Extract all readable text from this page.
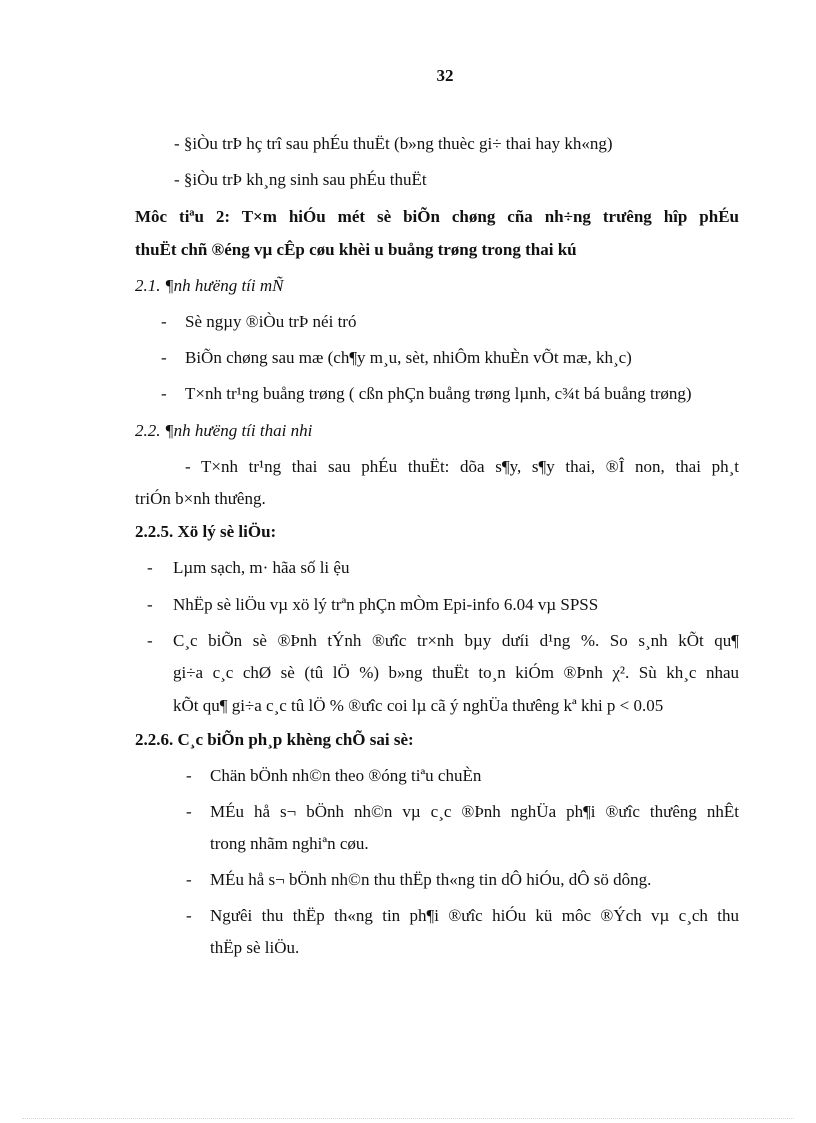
32
- §iÒu trÞ hç trî sau phÉu thuËt (b»ng thuèc gi÷ thai hay kh«ng)
- §iÒu trÞ kh¸ng sinh sau phÉu thuËt
Môc tiªu 2: T×m hiÓu mét sè biÕn chøng cña nh÷ng trưêng hîp phÉu
thuËt chñ ®éng vµ cÊp cøu khèi u buång trøng trong thai kú
2.1. ¶nh hưëng tíi mÑ
- Sè ngµy ®iÒu trÞ néi tró
- BiÕn chøng sau mæ (ch¶y m¸u, sèt, nhiÔm khuÈn vÕt mæ, kh¸c)
- T×nh tr¹ng buång trøng ( cßn phÇn buång trøng lµnh, c¾t bá buång trøng)
2.2. ¶nh hưëng tíi thai nhi
- T×nh tr¹ng thai sau phÉu thuËt: dõa s¶y, s¶y thai, ®Î non, thai ph¸t
triÓn b×nh thưêng.
2.2.5. Xö lý sè liÖu:
- Lµm sạch, m· hãa số li ệu
- NhËp sè liÖu vµ xö lý trªn phÇn mÒm Epi-info 6.04 vµ SPSS
- C¸c biÕn sè ®Þnh tÝnh ®ưîc tr×nh bµy dưíi d¹ng %. So s¸nh kÕt qu¶
gi÷a c¸c chØ sè (tû lÖ %) b»ng thuËt to¸n kiÓm ®Þnh χ². Sù kh¸c nhau
kÕt qu¶ gi÷a c¸c tû lÖ % ®ưîc coi lµ cã ý nghÜa thưêng kª khi p < 0.05
2.2.6. C¸c biÕn ph¸p khèng chÕ sai sè:
- Chän bÖnh nh©n theo ®óng tiªu chuÈn
- MÉu hå s¬ bÖnh nh©n vµ c¸c ®Þnh nghÜa ph¶i ®ưîc thưêng nhÊt
trong nhãm nghiªn cøu.
- MÉu hå s¬ bÖnh nh©n thu thËp th«ng tin dÔ hiÓu, dÔ sö dông.
- Ngưêi thu thËp th«ng tin ph¶i ®ưîc hiÓu kü môc ®Ých vµ c¸ch thu
thËp sè liÖu.
